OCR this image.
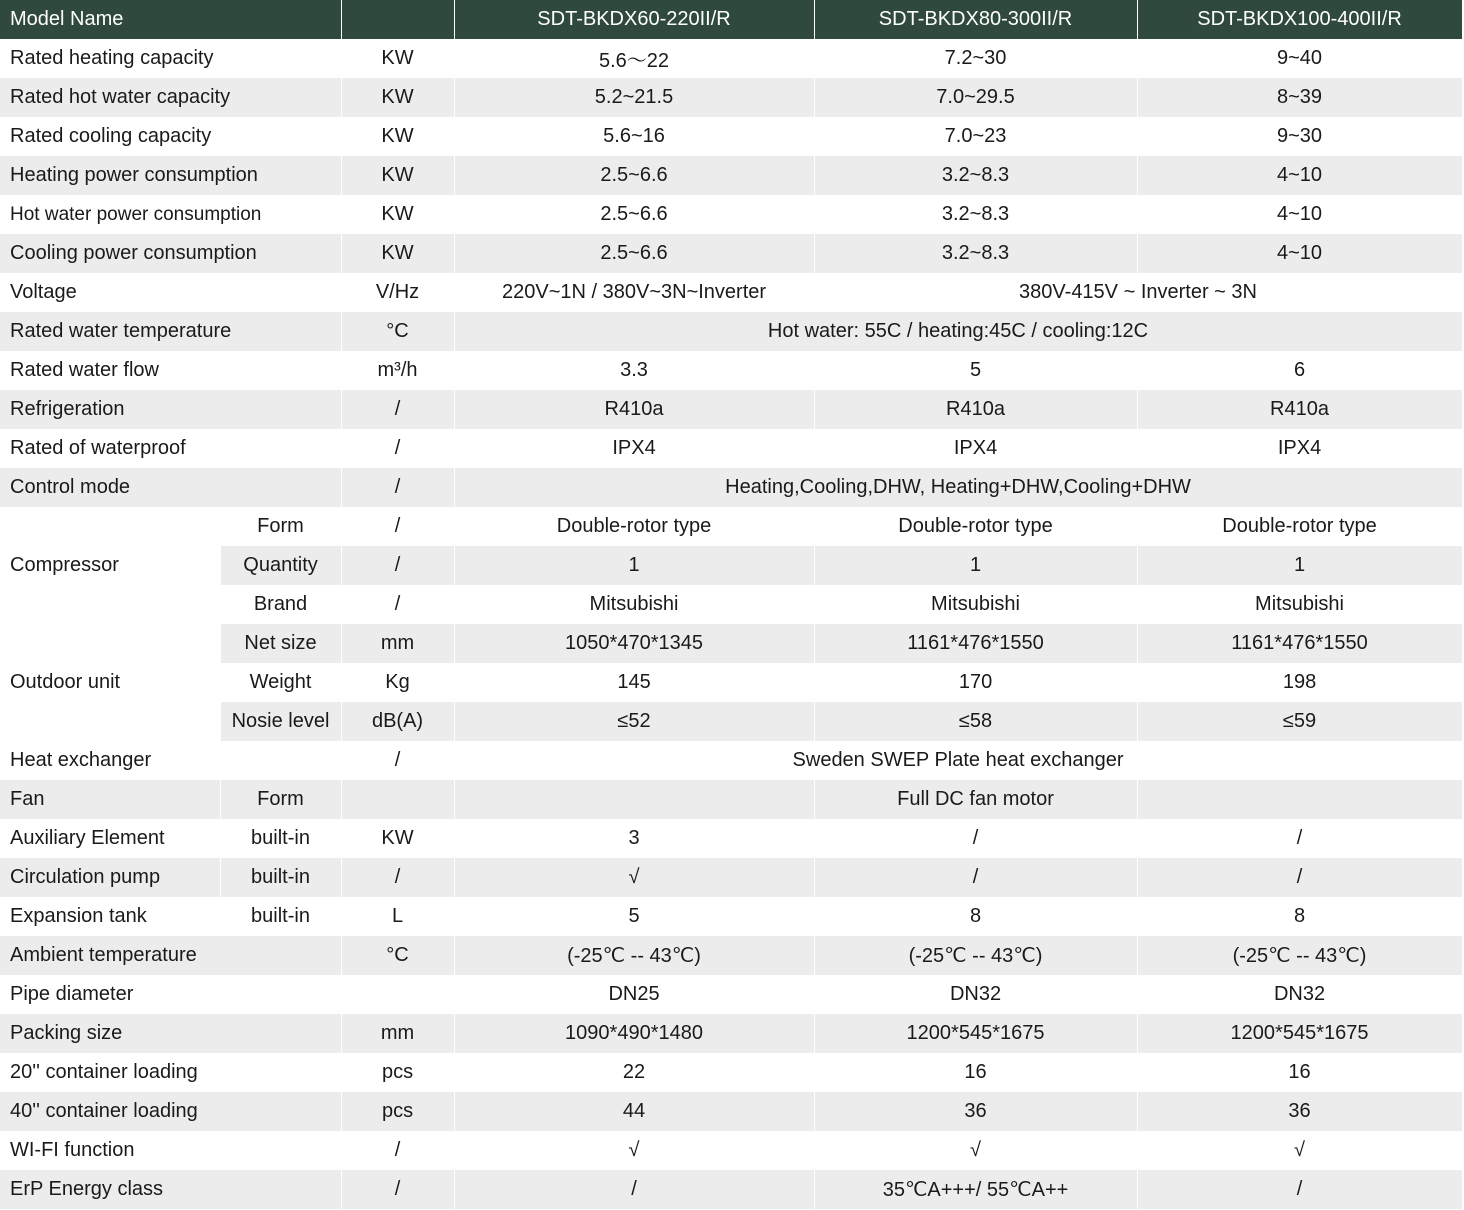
Model Name			SDT-BKDX60-220II/R	SDT-BKDX80-300II/R	SDT-BKDX100-400II/R
Rated heating capacity		KW	5.6～22	7.2~30	9~40
Rated hot water capacity		KW	5.2~21.5	7.0~29.5	8~39
Rated cooling capacity		KW	5.6~16	7.0~23	9~30
Heating power consumption		KW	2.5~6.6	3.2~8.3	4~10
Hot water power consumption		KW	2.5~6.6	3.2~8.3	4~10
Cooling power consumption		KW	2.5~6.6	3.2~8.3	4~10
Voltage		V/Hz	220V~1N / 380V~3N~Inverter	380V-415V ~ Inverter ~ 3N	
Rated water temperature		°C	Hot water: 55C / heating:45C / cooling:12C		
Rated water flow		m³/h	3.3	5	6
Refrigeration		/	R410a	R410a	R410a
Rated of waterproof		/	IPX4	IPX4	IPX4
Control mode		/	Heating,Cooling,DHW, Heating+DHW,Cooling+DHW		
Compressor	Form	/	Double-rotor type	Double-rotor type	Double-rotor type
	Quantity	/	1	1	1
	Brand	/	Mitsubishi	Mitsubishi	Mitsubishi
Outdoor unit	Net size	mm	1050*470*1345	1161*476*1550	1161*476*1550
	Weight	Kg	145	170	198
	Nosie level	dB(A)	≤52	≤58	≤59
Heat exchanger		/	Sweden SWEP Plate heat exchanger		
Fan	Form			Full DC fan motor	
Auxiliary Element	built-in	KW	3	/	/
Circulation pump	built-in	/	√	/	/
Expansion tank	built-in	L	5	8	8
Ambient temperature		°C	(-25℃ -- 43℃)	(-25℃ -- 43℃)	(-25℃ -- 43℃)
Pipe diameter			DN25	DN32	DN32
Packing size		mm	1090*490*1480	1200*545*1675	1200*545*1675
20'' container loading		pcs	22	16	16
40'' container loading		pcs	44	36	36
WI-FI function		/	√	√	√
ErP Energy class		/	/	35℃A+++/ 55℃A++	/
